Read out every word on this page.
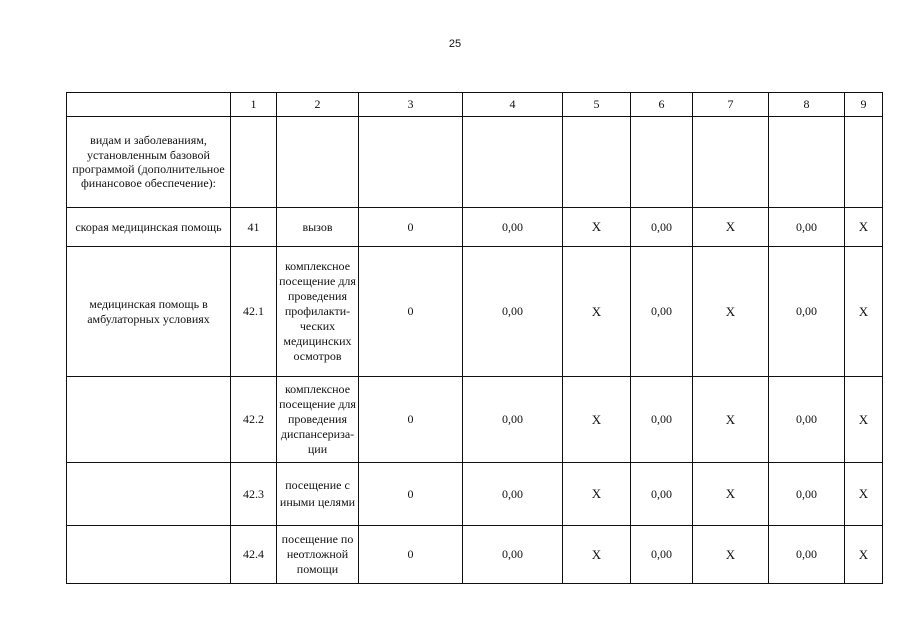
25
	1	2	3	4	5	6	7	8	9
видам и заболеваниям, установленным базовой программой (дополнительное финансовое обеспечение):									
скорая медицинская помощь	41	вызов	0	0,00	X	0,00	X	0,00	X
медицинская помощь в амбулаторных условиях	42.1	комплексное посещение для проведения профилакти-ческих медицинских осмотров	0	0,00	X	0,00	X	0,00	X
	42.2	комплексное посещение для проведения диспансериза-ции	0	0,00	X	0,00	X	0,00	X
	42.3	посещение с иными целями	0	0,00	X	0,00	X	0,00	X
	42.4	посещение по неотложной помощи	0	0,00	X	0,00	X	0,00	X
